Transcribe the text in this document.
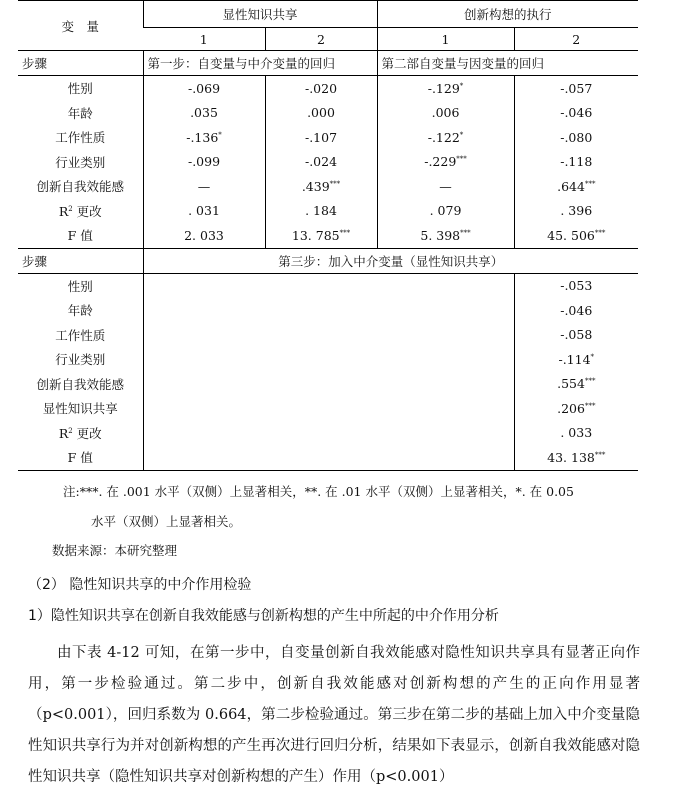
变　量	显性知识共享		创新构想的执行	
	1	2	1	2
步骤	第一步：自变量与中介变量的回归		第二部自变量与因变量的回归	
性别	-.069	-.020	-.129*	-.057
年龄	.035	.000	.006	-.046
工作性质	-.136*	-.107	-.122*	-.080
行业类别	-.099	-.024	-.229***	-.118
创新自我效能感	—	.439***	—	.644***
$R^2$ 更改	. 031	. 184	. 079	. 396
F 值	2. 033	13. 785***	5. 398***	45. 506***
步骤	第三步：加入中介变量（显性知识共享）			
性别				-.053
年龄				-.046
工作性质				-.058
行业类别				-.114*
创新自我效能感				.554***
显性知识共享				.206***
$R^2$ 更改				. 033
F 值				43. 138***
注:***. 在 .001 水平（双侧）上显著相关，**. 在 .01 水平（双侧）上显著相关，*. 在 0.05
水平（双侧）上显著相关。
数据来源：本研究整理
（2） 隐性知识共享的中介作用检验
1）隐性知识共享在创新自我效能感与创新构想的产生中所起的中介作用分析

由下表 4-12 可知，在第一步中，自变量创新自我效能感对隐性知识共享具有显著正向作用，第一步检验通过。第二步中，创新自我效能感对创新构想的产生的正向作用显著（p<0.001），回归系数为 0.664，第二步检验通过。第三步在第二步的基础上加入中介变量隐性知识共享行为并对创新构想的产生再次进行回归分析，结果如下表显示，创新自我效能感对隐性知识共享（隐性知识共享对创新构想的产生）作用（p<0.001）
